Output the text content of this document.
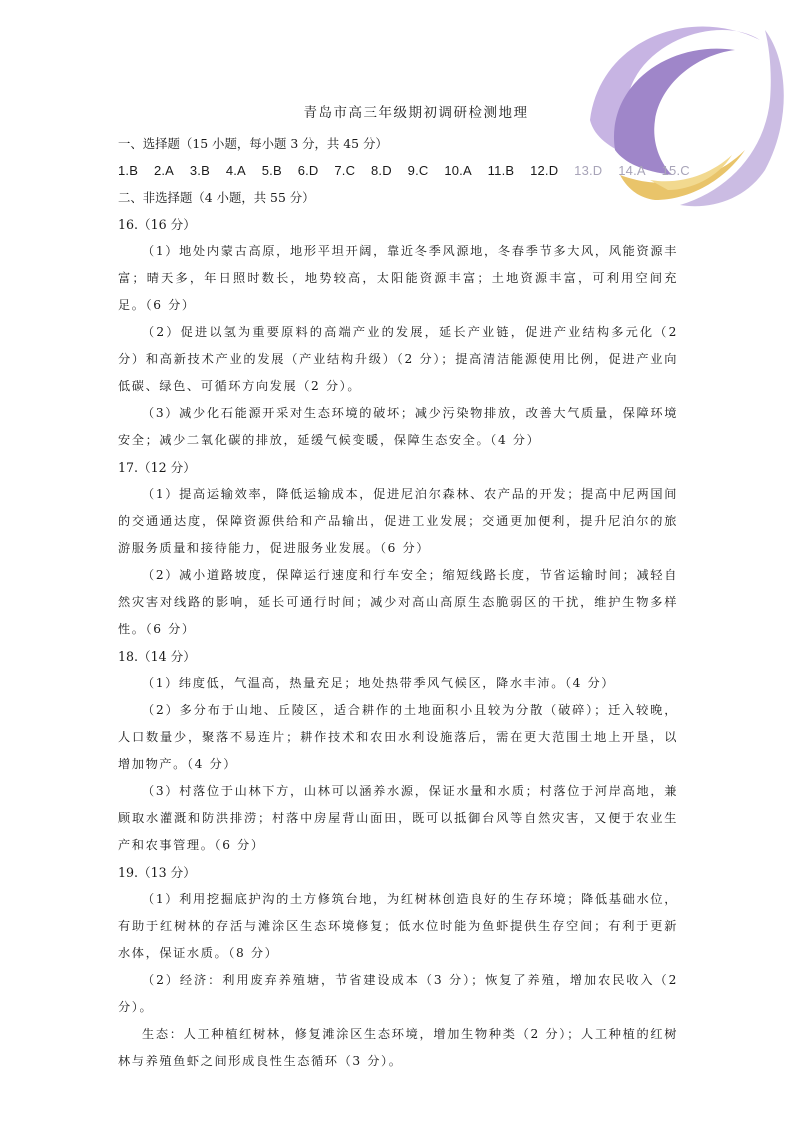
青岛市高三年级期初调研检测地理
一、选择题（15 小题，每小题 3 分，共 45 分）
1.B 2.A 3.B 4.A 5.B 6.D 7.C 8.D 9.C 10.A 11.B 12.D 13.D 14.A 15.C
二、非选择题（4 小题，共 55 分）
16.（16 分）

（1）地处内蒙古高原，地形平坦开阔，靠近冬季风源地，冬春季节多大风，风能资源丰富；晴天多，年日照时数长，地势较高，太阳能资源丰富；土地资源丰富，可利用空间充足。（6 分）

（2）促进以氢为重要原料的高端产业的发展，延长产业链，促进产业结构多元化（2 分）和高新技术产业的发展（产业结构升级）（2 分）；提高清洁能源使用比例，促进产业向低碳、绿色、可循环方向发展（2 分）。

（3）减少化石能源开采对生态环境的破坏；减少污染物排放，改善大气质量，保障环境安全；减少二氧化碳的排放，延缓气候变暖，保障生态安全。（4 分）

17.（12 分）

（1）提高运输效率，降低运输成本，促进尼泊尔森林、农产品的开发；提高中尼两国间的交通通达度，保障资源供给和产品输出，促进工业发展；交通更加便利，提升尼泊尔的旅游服务质量和接待能力，促进服务业发展。（6 分）

（2）减小道路坡度，保障运行速度和行车安全；缩短线路长度，节省运输时间；减轻自然灾害对线路的影响，延长可通行时间；减少对高山高原生态脆弱区的干扰，维护生物多样性。（6 分）

18.（14 分）

（1）纬度低，气温高，热量充足；地处热带季风气候区，降水丰沛。（4 分）

（2）多分布于山地、丘陵区，适合耕作的土地面积小且较为分散（破碎）；迁入较晚，人口数量少，聚落不易连片；耕作技术和农田水利设施落后，需在更大范围土地上开垦，以增加物产。（4 分）

（3）村落位于山林下方，山林可以涵养水源，保证水量和水质；村落位于河岸高地，兼顾取水灌溉和防洪排涝；村落中房屋背山面田，既可以抵御台风等自然灾害，又便于农业生产和农事管理。（6 分）

19.（13 分）

（1）利用挖掘底护沟的土方修筑台地，为红树林创造良好的生存环境；降低基础水位，有助于红树林的存活与滩涂区生态环境修复；低水位时能为鱼虾提供生存空间；有利于更新水体，保证水质。（8 分）

（2）经济：利用废弃养殖塘，节省建设成本（3 分）；恢复了养殖，增加农民收入（2 分）。

生态：人工种植红树林，修复滩涂区生态环境，增加生物种类（2 分）；人工种植的红树林与养殖鱼虾之间形成良性生态循环（3 分）。
